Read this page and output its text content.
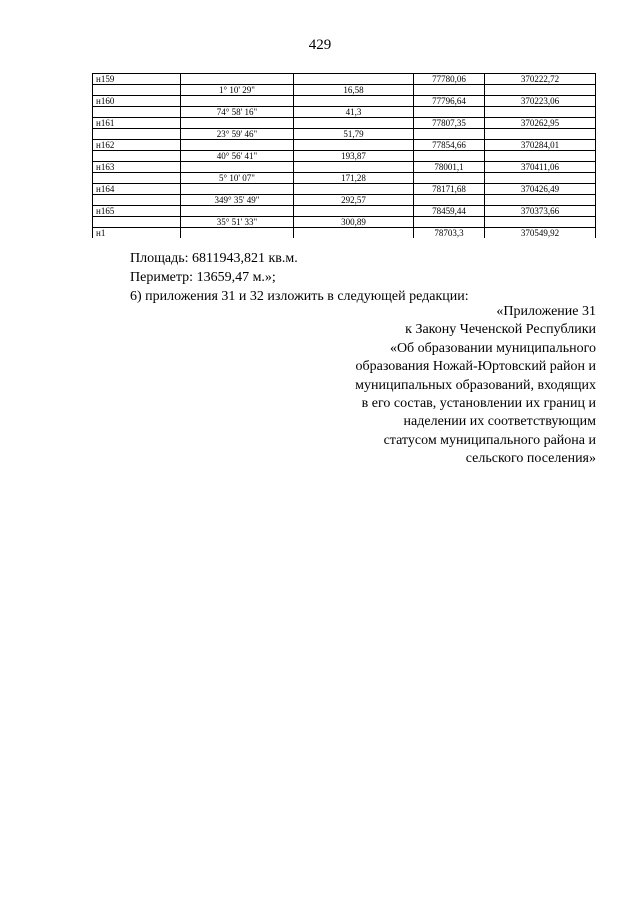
429
н159			77780,06	370222,72
	1° 10' 29"	16,58		
н160			77796,64	370223,06
	74° 58' 16"	41,3		
н161			77807,35	370262,95
	23° 59' 46"	51,79		
н162			77854,66	370284,01
	40° 56' 41"	193,87		
н163			78001,1	370411,06
	5° 10' 07"	171,28		
н164			78171,68	370426,49
	349° 35' 49"	292,57		
н165			78459,44	370373,66
	35° 51' 33"	300,89		
н1			78703,3	370549,92
Площадь: 6811943,821 кв.м.
Периметр: 13659,47 м.»;
6) приложения 31 и 32 изложить в следующей редакции:
«Приложение 31
к Закону Чеченской Республики
«Об образовании муниципального
образования Ножай-Юртовский район и
муниципальных образований, входящих
в его состав, установлении их границ и
наделении их соответствующим
статусом муниципального района и
сельского поселения»
